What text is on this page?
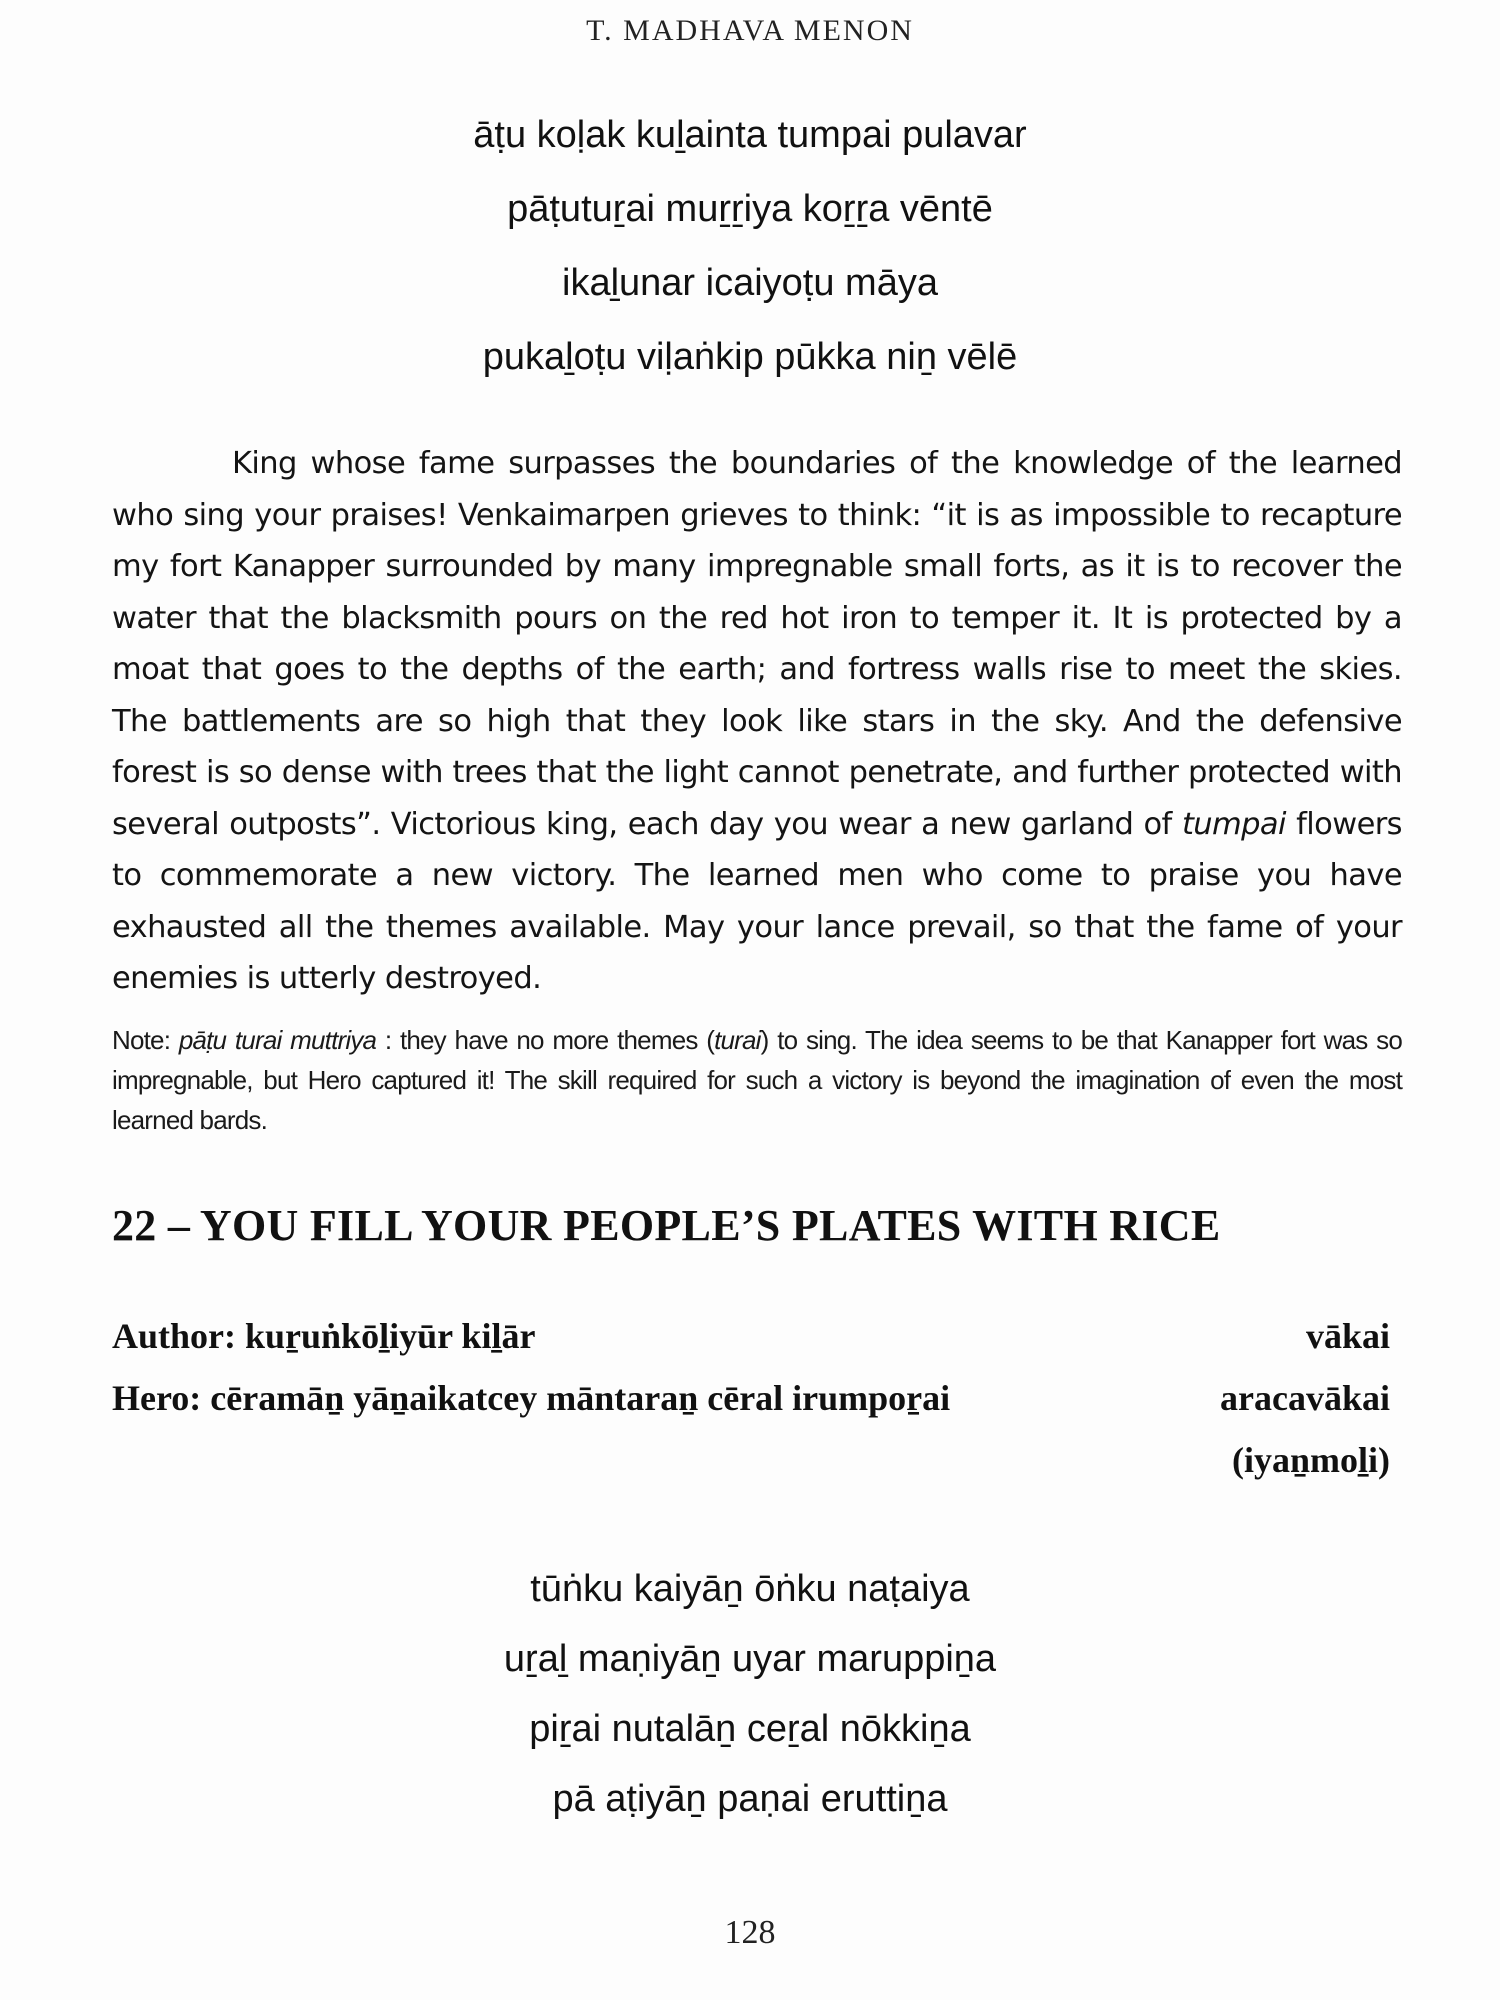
T. MADHAVA MENON
āṭu koḷak kuḻainta tumpai pulavar
pāṭutuṟai muṟṟiya koṟṟa vēntē
ikaḻunar icaiyoṭu māya
pukaḻoṭu viḷaṅkip pūkka niṉ vēlē

King whose fame surpasses the boundaries of the knowledge of the learned who sing your praises! Venkaimarpen grieves to think: “it is as impossible to recapture my fort Kanapper surrounded by many impregnable small forts, as it is to recover the water that the blacksmith pours on the red hot iron to temper it. It is protected by a moat that goes to the depths of the earth; and fortress walls rise to meet the skies. The battlements are so high that they look like stars in the sky. And the defensive forest is so dense with trees that the light cannot penetrate, and further protected with several outposts”. Victorious king, each day you wear a new garland of tumpai flowers to commemorate a new victory. The learned men who come to praise you have exhausted all the themes available. May your lance prevail, so that the fame of your enemies is utterly destroyed.

Note: pāṭu turai muttriya : they have no more themes (turai) to sing. The idea seems to be that Kanapper fort was so impregnable, but Hero captured it! The skill required for such a victory is beyond the imagination of even the most learned bards.

22 – YOU FILL YOUR PEOPLE’S PLATES WITH RICE
Author: kuṟuṅkōḻiyūr kiḻār	vākai
Hero: cēramāṉ yāṉaikatcey māntaraṉ cēral irumpoṟai	aracavākai
(iyaṉmoḻi)
tūṅku kaiyāṉ ōṅku naṭaiya
uṟaḻ maṇiyāṉ uyar maruppiṉa
piṟai nutalāṉ ceṟal nōkkiṉa
pā aṭiyāṉ paṇai eruttiṉa
128
